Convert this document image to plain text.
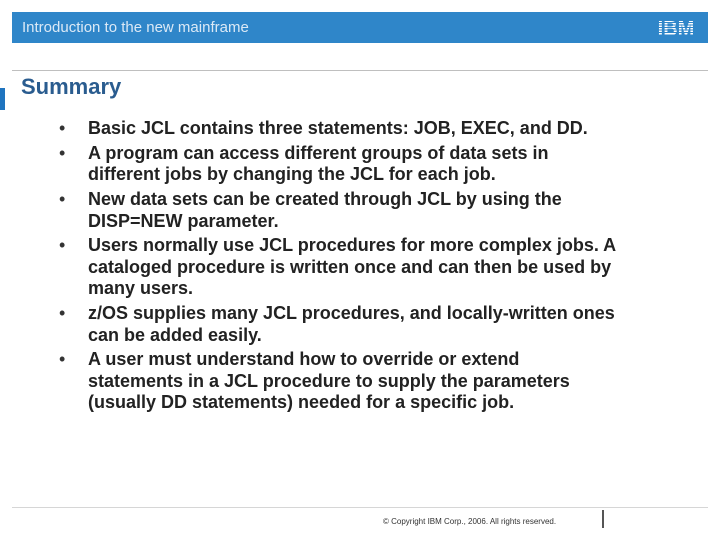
Introduction to the new mainframe	IBM
Summary
• Basic JCL contains three statements: JOB, EXEC, and DD.
• A program can access different groups of data sets in different jobs by changing the JCL for each job.
• New data sets can be created through JCL by using the DISP=NEW parameter.
• Users normally use JCL procedures for more complex jobs. A cataloged procedure is written once and can then be used by many users.
• z/OS supplies many JCL procedures, and locally-written ones can be added easily.
• A user must understand how to override or extend statements in a JCL procedure to supply the parameters (usually DD statements) needed for a specific job.
© Copyright IBM Corp., 2006. All rights reserved.
